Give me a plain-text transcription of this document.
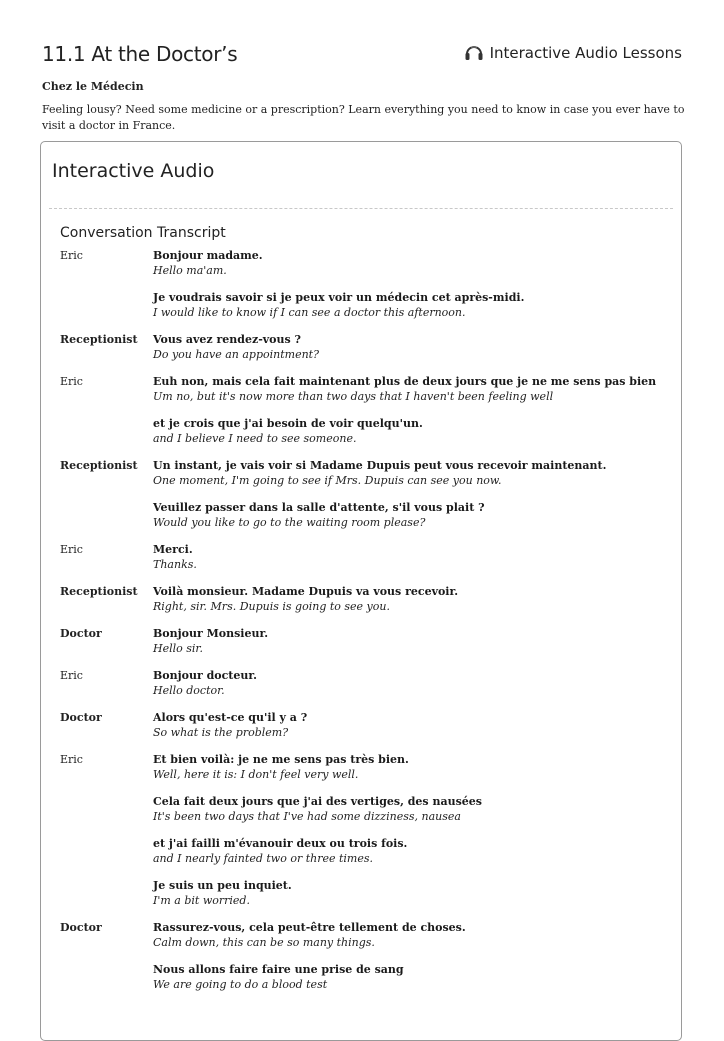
11.1 At the Doctor’s	Interactive Audio Lessons
Chez le Médecin
Feeling lousy? Need some medicine or a prescription? Learn everything you need to know in case you ever have to visit a doctor in France.
Interactive Audio
Conversation Transcript
Eric	Bonjour madame.
Hello ma'am.
Je voudrais savoir si je peux voir un médecin cet après-midi.
I would like to know if I can see a doctor this afternoon.
Receptionist	Vous avez rendez-vous ?
Do you have an appointment?
Eric	Euh non, mais cela fait maintenant plus de deux jours que je ne me sens pas bien
Um no, but it's now more than two days that I haven't been feeling well
et je crois que j'ai besoin de voir quelqu'un.
and I believe I need to see someone.
Receptionist	Un instant, je vais voir si Madame Dupuis peut vous recevoir maintenant.
One moment, I'm going to see if Mrs. Dupuis can see you now.
Veuillez passer dans la salle d'attente, s'il vous plait ?
Would you like to go to the waiting room please?
Eric	Merci.
Thanks.
Receptionist	Voilà monsieur. Madame Dupuis va vous recevoir.
Right, sir. Mrs. Dupuis is going to see you.
Doctor	Bonjour Monsieur.
Hello sir.
Eric	Bonjour docteur.
Hello doctor.
Doctor	Alors qu'est-ce qu'il y a ?
So what is the problem?
Eric	Et bien voilà: je ne me sens pas très bien.
Well, here it is: I don't feel very well.
Cela fait deux jours que j'ai des vertiges, des nausées
It's been two days that I've had some dizziness, nausea
et j'ai failli m'évanouir deux ou trois fois.
and I nearly fainted two or three times.
Je suis un peu inquiet.
I'm a bit worried.
Doctor	Rassurez-vous, cela peut-être tellement de choses.
Calm down, this can be so many things.
Nous allons faire faire une prise de sang
We are going to do a blood test
